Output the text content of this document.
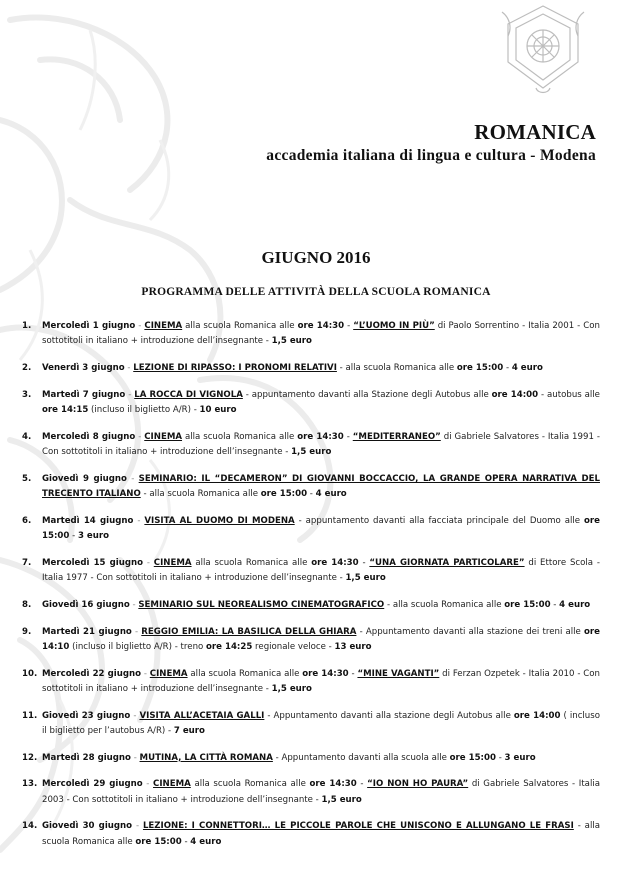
ROMANICA
accademia italiana di lingua e cultura - Modena
GIUGNO 2016
PROGRAMMA DELLE ATTIVITÀ DELLA SCUOLA ROMANICA
1. Mercoledì 1 giugno - CINEMA alla scuola Romanica alle ore 14:30 - “L’UOMO IN PIÙ” di Paolo Sorrentino - Italia 2001 - Con sottotitoli in italiano + introduzione dell’insegnante - 1,5 euro
2. Venerdì 3 giugno - LEZIONE DI RIPASSO: I PRONOMI RELATIVI - alla scuola Romanica alle ore 15:00 - 4 euro
3. Martedì 7 giugno - LA ROCCA DI VIGNOLA - appuntamento davanti alla Stazione degli Autobus alle ore 14:00 - autobus alle ore 14:15 (incluso il biglietto A/R) - 10 euro
4. Mercoledì 8 giugno - CINEMA alla scuola Romanica alle ore 14:30 - “MEDITERRANEO” di Gabriele Salvatores - Italia 1991 - Con sottotitoli in italiano + introduzione dell’insegnante - 1,5 euro
5. Giovedì 9 giugno - SEMINARIO: IL “DECAMERON” DI GIOVANNI BOCCACCIO, LA GRANDE OPERA NARRATIVA DEL TRECENTO ITALIANO - alla scuola Romanica alle ore 15:00 - 4 euro
6. Martedì 14 giugno - VISITA AL DUOMO DI MODENA - appuntamento davanti alla facciata principale del Duomo alle ore 15:00 - 3 euro
7. Mercoledì 15 giugno - CINEMA alla scuola Romanica alle ore 14:30 - “UNA GIORNATA PARTICOLARE” di Ettore Scola - Italia 1977 - Con sottotitoli in italiano + introduzione dell’insegnante - 1,5 euro
8. Giovedì 16 giugno - SEMINARIO SUL NEOREALISMO CINEMATOGRAFICO - alla scuola Romanica alle ore 15:00 - 4 euro
9. Martedì 21 giugno - REGGIO EMILIA: LA BASILICA DELLA GHIARA - Appuntamento davanti alla stazione dei treni alle ore 14:10 (incluso il biglietto A/R) - treno ore 14:25 regionale veloce - 13 euro
10. Mercoledì 22 giugno - CINEMA alla scuola Romanica alle ore 14:30 - “MINE VAGANTI” di Ferzan Ozpetek - Italia 2010 - Con sottotitoli in italiano + introduzione dell’insegnante - 1,5 euro
11. Giovedì 23 giugno - VISITA ALL’ACETAIA GALLI - Appuntamento davanti alla stazione degli Autobus alle ore 14:00 ( incluso il biglietto per l’autobus A/R) - 7 euro
12. Martedì 28 giugno - MUTINA, LA CITTÀ ROMANA - Appuntamento davanti alla scuola alle ore 15:00 - 3 euro
13. Mercoledì 29 giugno - CINEMA alla scuola Romanica alle ore 14:30 - “IO NON HO PAURA” di Gabriele Salvatores - Italia 2003 - Con sottotitoli in italiano + introduzione dell’insegnante - 1,5 euro
14. Giovedì 30 giugno - LEZIONE: I CONNETTORI… LE PICCOLE PAROLE CHE UNISCONO E ALLUNGANO LE FRASI - alla scuola Romanica alle ore 15:00 - 4 euro
